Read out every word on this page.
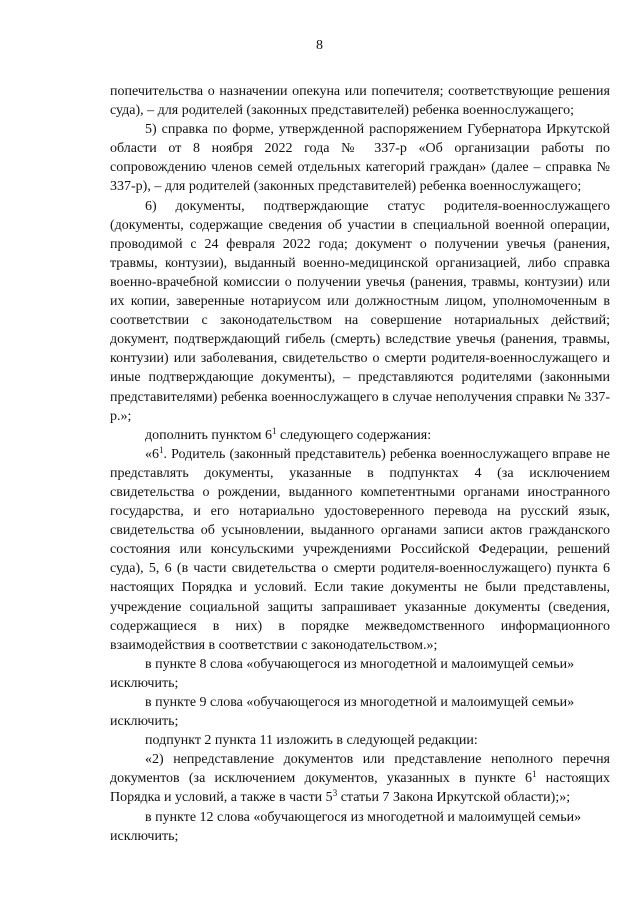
8

попечительства о назначении опекуна или попечителя; соответствующие решения суда), – для родителей (законных представителей) ребенка военнослужащего;

5) справка по форме, утвержденной распоряжением Губернатора Иркутской области от 8 ноября 2022 года № 337-р «Об организации работы по сопровождению членов семей отдельных категорий граждан» (далее – справка № 337-р), – для родителей (законных представителей) ребенка военнослужащего;

6) документы, подтверждающие статус родителя-военнослужащего (документы, содержащие сведения об участии в специальной военной операции, проводимой с 24 февраля 2022 года; документ о получении увечья (ранения, травмы, контузии), выданный военно-медицинской организацией, либо справка военно-врачебной комиссии о получении увечья (ранения, травмы, контузии) или их копии, заверенные нотариусом или должностным лицом, уполномоченным в соответствии с законодательством на совершение нотариальных действий; документ, подтверждающий гибель (смерть) вследствие увечья (ранения, травмы, контузии) или заболевания, свидетельство о смерти родителя-военнослужащего и иные подтверждающие документы), – представляются родителями (законными представителями) ребенка военнослужащего в случае неполучения справки № 337-р.»;

дополнить пунктом $6^1$ следующего содержания:

«$6^1$. Родитель (законный представитель) ребенка военнослужащего вправе не представлять документы, указанные в подпунктах 4 (за исключением свидетельства о рождении, выданного компетентными органами иностранного государства, и его нотариально удостоверенного перевода на русский язык, свидетельства об усыновлении, выданного органами записи актов гражданского состояния или консульскими учреждениями Российской Федерации, решений суда), 5, 6 (в части свидетельства о смерти родителя-военнослужащего) пункта 6 настоящих Порядка и условий. Если такие документы не были представлены, учреждение социальной защиты запрашивает указанные документы (сведения, содержащиеся в них) в порядке межведомственного информационного взаимодействия в соответствии с законодательством.»;

в пункте 8 слова «обучающегося из многодетной и малоимущей семьи»
исключить;

в пункте 9 слова «обучающегося из многодетной и малоимущей семьи»
исключить;

подпункт 2 пункта 11 изложить в следующей редакции:

«2) непредставление документов или представление неполного перечня документов (за исключением документов, указанных в пункте $6^1$ настоящих Порядка и условий, а также в части $5^3$ статьи 7 Закона Иркутской области);»;

в пункте 12 слова «обучающегося из многодетной и малоимущей семьи»
исключить;
